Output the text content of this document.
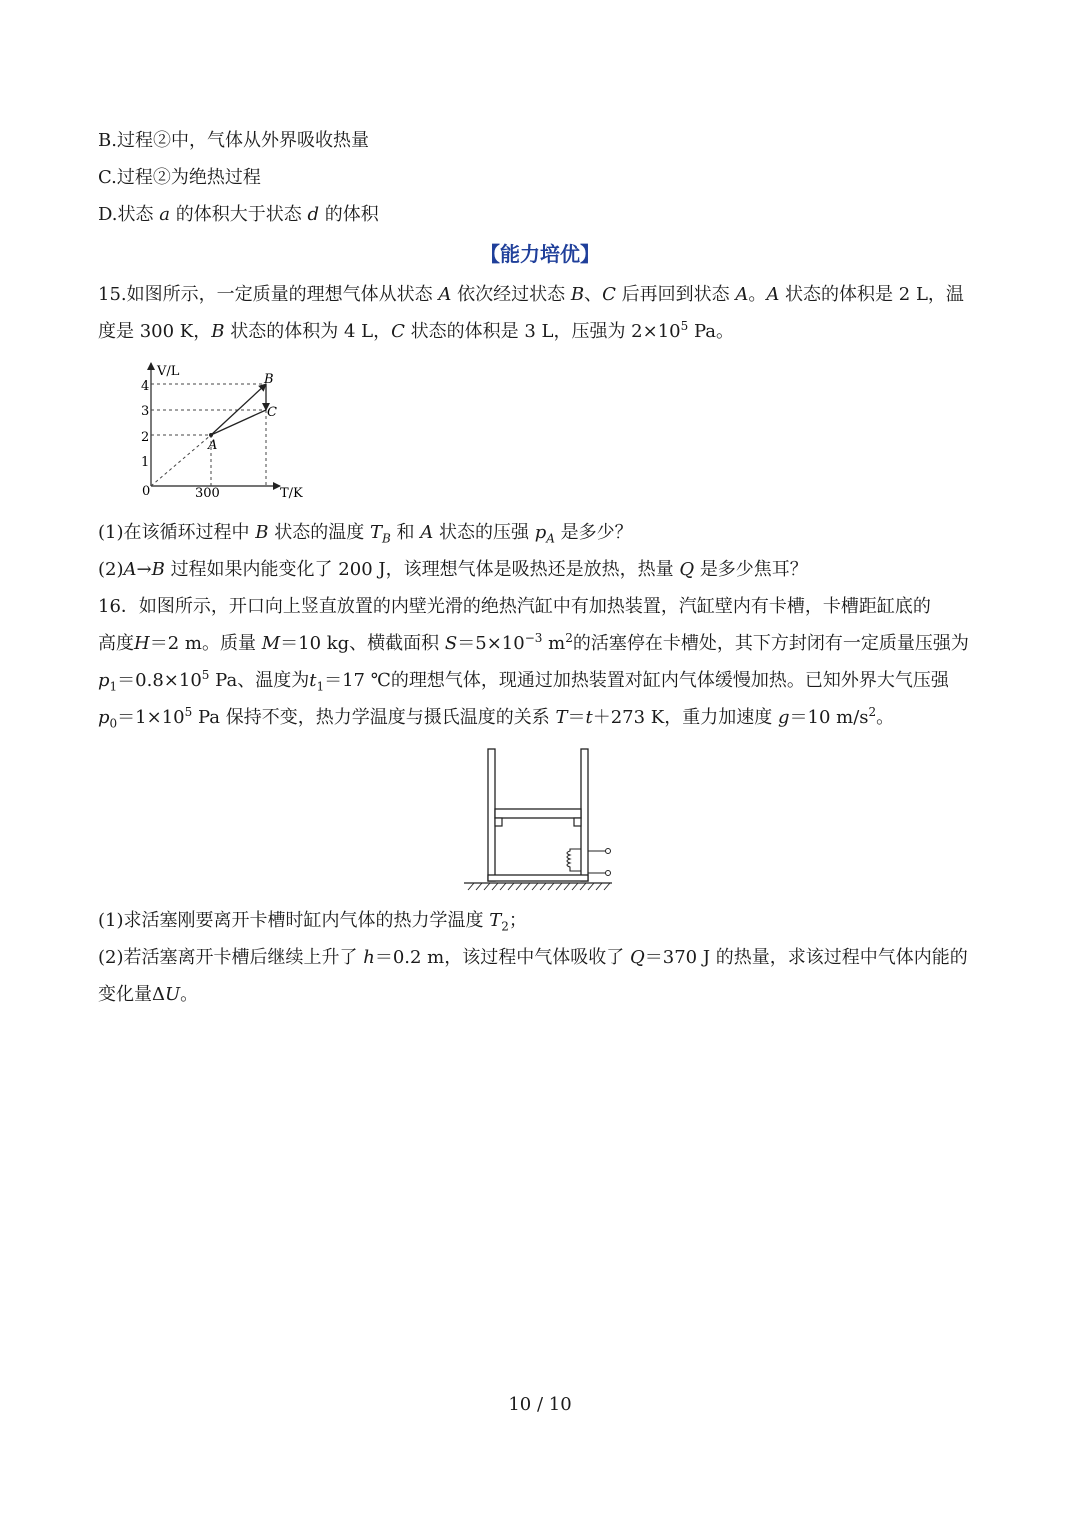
B.过程②中，气体从外界吸收热量
C.过程②为绝热过程
D.状态 a 的体积大于状态 d 的体积
【能力培优】
15.如图所示，一定质量的理想气体从状态 A 依次经过状态 B、C 后再回到状态 A。A 状态的体积是 2 L，温
度是 300 K，B 状态的体积为 4 L，C 状态的体积是 3 L，压强为 $2\times 10^5$ Pa。
V/L
T/K
0
1
2
3
4
300
A
B
C
(1)在该循环过程中 B 状态的温度 $T_B$ 和 A 状态的压强 $p_A$ 是多少？
(2)A→B 过程如果内能变化了 200 J，该理想气体是吸热还是放热，热量 Q 是多少焦耳？
16．如图所示，开口向上竖直放置的内壁光滑的绝热汽缸中有加热装置，汽缸壁内有卡槽，卡槽距缸底的
高度H＝2 m。质量 M＝10 kg、横截面积 $S=5\times 10^{-3}$ $m^2$的活塞停在卡槽处，其下方封闭有一定质量压强为
$p_1=0.8\times 10^5$ Pa、温度为$t_1=17$ ℃的理想气体，现通过加热装置对缸内气体缓慢加热。已知外界大气压强
$p_0=1\times 10^5$ Pa 保持不变，热力学温度与摄氏温度的关系 T＝t＋273 K，重力加速度 g＝10 $m/s^2$。
(1)求活塞刚要离开卡槽时缸内气体的热力学温度 $T_2$；
(2)若活塞离开卡槽后继续上升了 h＝0.2 m，该过程中气体吸收了 Q＝370 J 的热量，求该过程中气体内能的
变化量ΔU。
10 / 10
